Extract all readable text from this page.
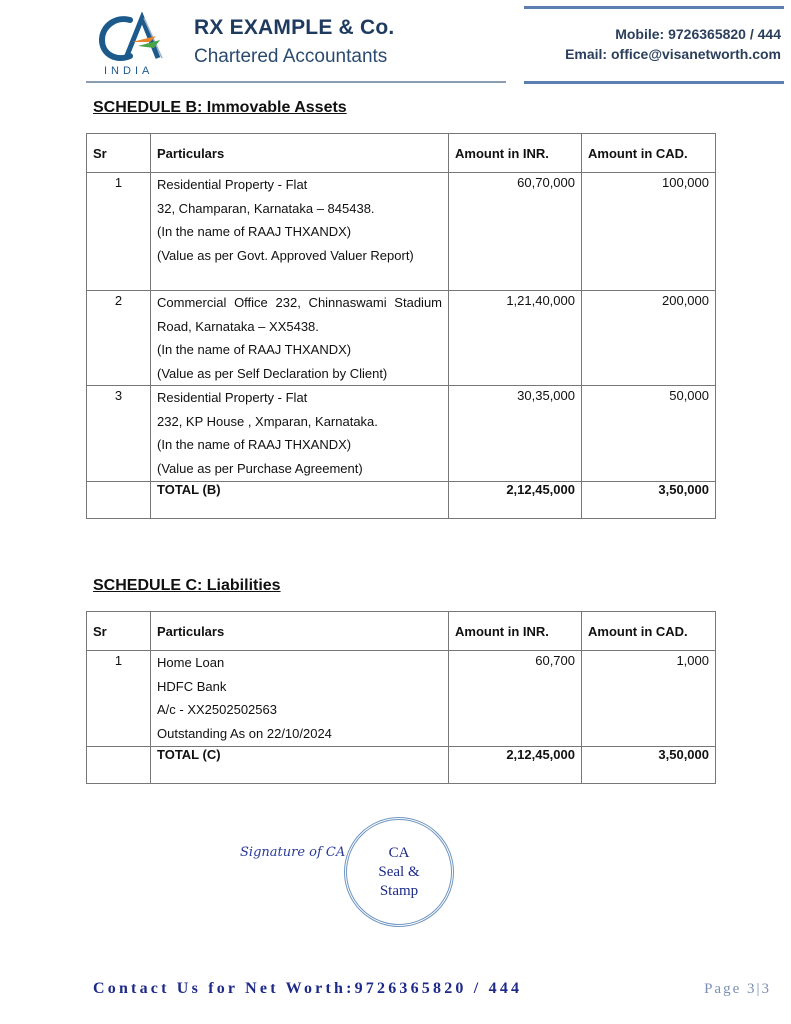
INDIA
RX EXAMPLE & Co.
Chartered Accountants
Mobile: 9726365820 / 444
Email: office@visanetworth.com
SCHEDULE B: Immovable Assets
Sr	Particulars	Amount in INR.	Amount in CAD.
1	Residential Property - Flat
32, Champaran, Karnataka – 845438.
(In the name of RAAJ THXANDX)
(Value as per Govt. Approved Valuer Report)	60,70,000	100,000
2	Commercial Office 232, Chinnaswami Stadium Road, Karnataka – XX5438.
(In the name of RAAJ THXANDX)
(Value as per Self Declaration by Client)	1,21,40,000	200,000
3	Residential Property - Flat
232, KP House , Xmparan, Karnataka.
(In the name of RAAJ THXANDX)
(Value as per Purchase Agreement)	30,35,000	50,000
	TOTAL (B)	2,12,45,000	3,50,000
SCHEDULE C: Liabilities
Sr	Particulars	Amount in INR.	Amount in CAD.
1	Home Loan
HDFC Bank
A/c - XX2502502563
Outstanding As on 22/10/2024	60,700	1,000
	TOTAL (C)	2,12,45,000	3,50,000
Signature of CA	CA
Seal &
Stamp
Contact Us for Net Worth:9726365820 / 444	Page 3|3
